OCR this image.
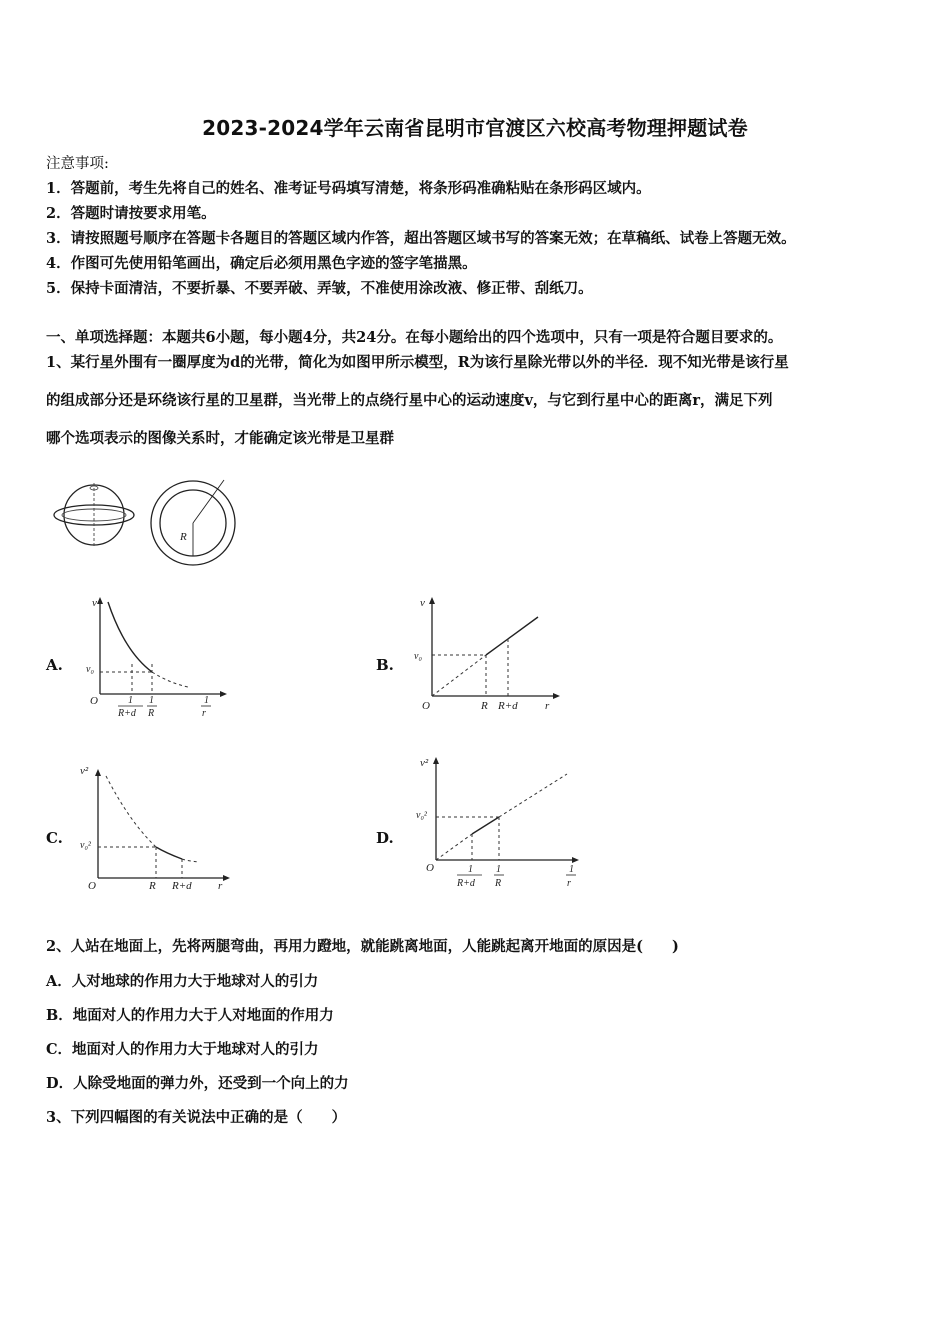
2023-2024学年云南省昆明市官渡区六校高考物理押题试卷
注意事项:
1．答题前，考生先将自己的姓名、准考证号码填写清楚，将条形码准确粘贴在条形码区域内。
2．答题时请按要求用笔。
3．请按照题号顺序在答题卡各题目的答题区域内作答，超出答题区域书写的答案无效；在草稿纸、试卷上答题无效。
4．作图可先使用铅笔画出，确定后必须用黑色字迹的签字笔描黑。
5．保持卡面清洁，不要折暴、不要弄破、弄皱，不准使用涂改液、修正带、刮纸刀。
一、单项选择题：本题共6小题，每小题4分，共24分。在每小题给出的四个选项中，只有一项是符合题目要求的。
1、某行星外围有一圈厚度为d的光带，简化为如图甲所示模型，R为该行星除光带以外的半径．现不知光带是该行星
的组成部分还是环绕该行星的卫星群，当光带上的点绕行星中心的运动速度v，与它到行星中心的距离r，满足下列
哪个选项表示的图像关系时，才能确定该光带是卫星群
R
A.
v
v₀
O	1
R+d
1
R
1
r
B.
v
v₀
O	R R+d r
C.
v²
v₀²
O	R R+d r
D.
v²
v₀²
O	1
R+d
1
R
1
r
2、人站在地面上，先将两腿弯曲，再用力蹬地，就能跳离地面，人能跳起离开地面的原因是(　　)
A．人对地球的作用力大于地球对人的引力
B．地面对人的作用力大于人对地面的作用力
C．地面对人的作用力大于地球对人的引力
D．人除受地面的弹力外，还受到一个向上的力
3、下列四幅图的有关说法中正确的是（　　）
